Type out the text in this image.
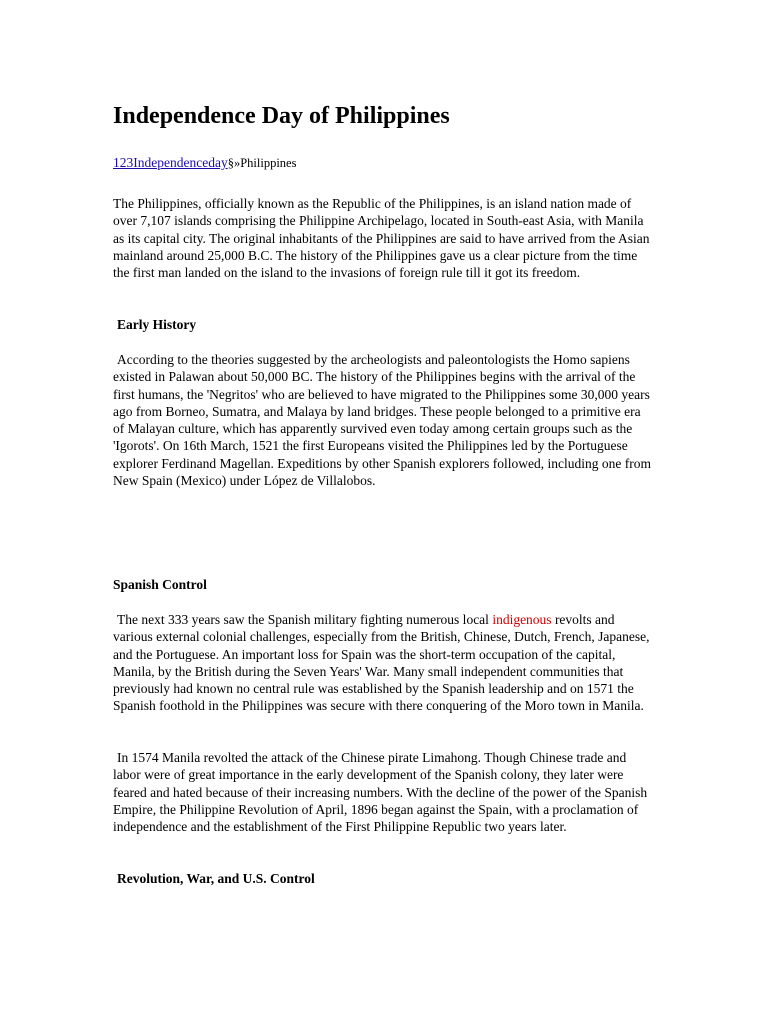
Independence Day of Philippines
123Independenceday§»Philippines

The Philippines, officially known as the Republic of the Philippines, is an island nation made of over 7,107 islands comprising the Philippine Archipelago, located in South-east Asia, with Manila as its capital city. The original inhabitants of the Philippines are said to have arrived from the Asian mainland around 25,000 B.C. The history of the Philippines gave us a clear picture from the time the first man landed on the island to the invasions of foreign rule till it got its freedom.

Early History

According to the theories suggested by the archeologists and paleontologists the Homo sapiens existed in Palawan about 50,000 BC. The history of the Philippines begins with the arrival of the first humans, the 'Negritos' who are believed to have migrated to the Philippines some 30,000 years ago from Borneo, Sumatra, and Malaya by land bridges. These people belonged to a primitive era of Malayan culture, which has apparently survived even today among certain groups such as the 'Igorots'. On 16th March, 1521 the first Europeans visited the Philippines led by the Portuguese explorer Ferdinand Magellan. Expeditions by other Spanish explorers followed, including one from New Spain (Mexico) under López de Villalobos.

Spanish Control

The next 333 years saw the Spanish military fighting numerous local indigenous revolts and various external colonial challenges, especially from the British, Chinese, Dutch, French, Japanese, and the Portuguese. An important loss for Spain was the short-term occupation of the capital, Manila, by the British during the Seven Years' War. Many small independent communities that previously had known no central rule was established by the Spanish leadership and on 1571 the Spanish foothold in the Philippines was secure with there conquering of the Moro town in Manila.

In 1574 Manila revolted the attack of the Chinese pirate Limahong. Though Chinese trade and labor were of great importance in the early development of the Spanish colony, they later were feared and hated because of their increasing numbers. With the decline of the power of the Spanish Empire, the Philippine Revolution of April, 1896 began against the Spain, with a proclamation of independence and the establishment of the First Philippine Republic two years later.

Revolution, War, and U.S. Control
